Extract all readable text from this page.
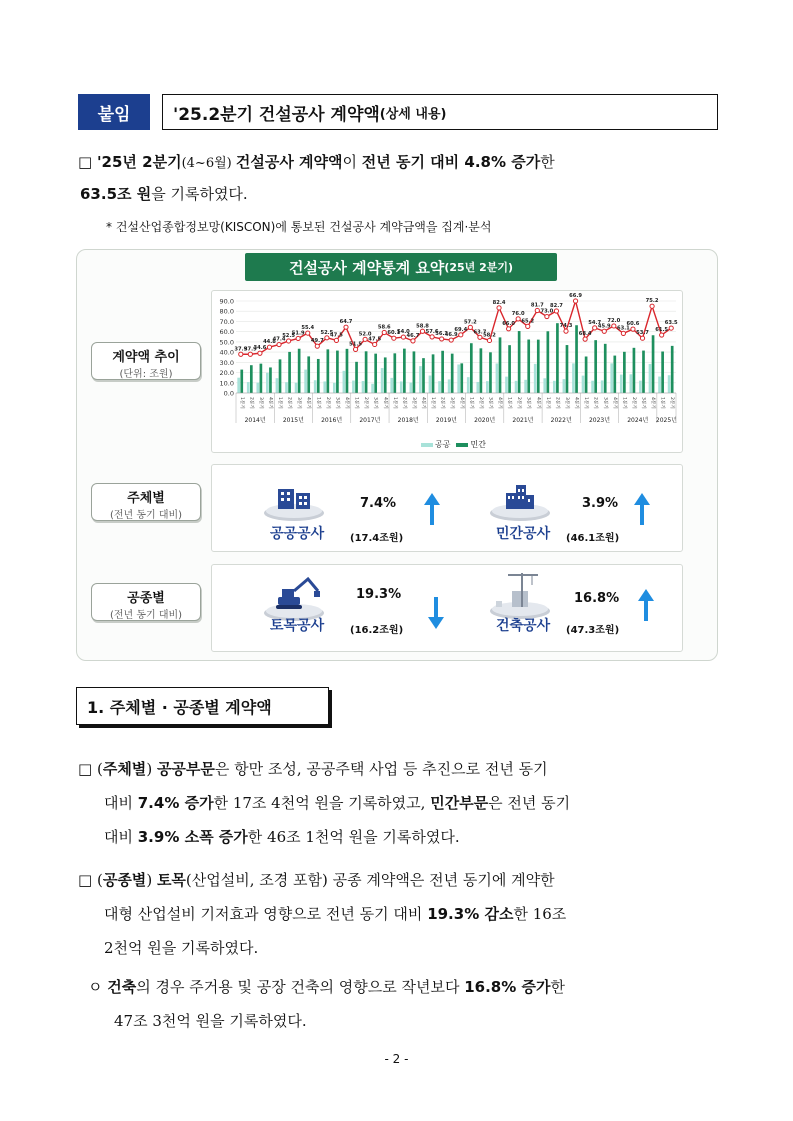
붙임	'25.2분기 건설공사 계약액 (상세 내용)
□ '25년 2분기(4~6월) 건설공사 계약액이 전년 동기 대비 4.8% 증가한
63.5조 원을 기록하였다.
* 건설산업종합정보망(KISCON)에 통보된 건설공사 계약금액을 집계·분석
건설공사 계약통계 요약 (25년 2분기)
계약액 추이
(단위: 조원)
90.0
80.0
70.0
60.0
50.0
40.0
30.0
20.0
10.0
0.0
37.9
37.9
34.6
44.8
47.4
52.5
51.9
55.4
49.7
52.5
47.5
64.7
51.5
52.0
47.5
58.6
60.1
54.0
46.7
58.8
57.6
56.3
46.9
69.4
57.2
63.7
58.2
82.4
66.0
76.0
65.2
81.7
73.0
82.7
74.3
66.9
68.4
54.7
45.9
72.0
63.1
60.6
53.7
75.2
61.5
63.5
1분기 2분기 3분기 4분기 1분기 2분기 3분기 4분기 1분기 2분기 3분기 4분기 1분기 2분기 3분기 4분기 1분기 2분기 3분기 4분기 1분기 2분기 3분기 4분기 1분기 2분기 3분기 4분기 1분기 2분기 3분기 4분기 1분기 2분기 3분기 4분기 1분기 2분기 3분기 4분기 1분기 2분기 3분기 4분기 1분기 2분기
2014년	2015년	2016년	2017년	2018년	2019년	2020년	2021년	2022년	2023년	2024년 2025년
공공	민간
주체별
(전년 동기 대비)
공공공사
7.4%
(17.4조원)	민간공사
3.9%
(46.1조원)
공종별
(전년 동기 대비)
토목공사
19.3%
(16.2조원)	건축공사
16.8%
(47.3조원)
1. 주체별 · 공종별 계약액
□ (주체별) 공공부문은 항만 조성, 공공주택 사업 등 추진으로 전년 동기
대비 7.4% 증가한 17조 4천억 원을 기록하였고, 민간부문은 전년 동기
대비 3.9% 소폭 증가한 46조 1천억 원을 기록하였다.
□ (공종별) 토목(산업설비, 조경 포함) 공종 계약액은 전년 동기에 계약한
대형 산업설비 기저효과 영향으로 전년 동기 대비 19.3% 감소한 16조
2천억 원을 기록하였다.
ㅇ 건축의 경우 주거용 및 공장 건축의 영향으로 작년보다 16.8% 증가한
47조 3천억 원을 기록하였다.
- 2 -
